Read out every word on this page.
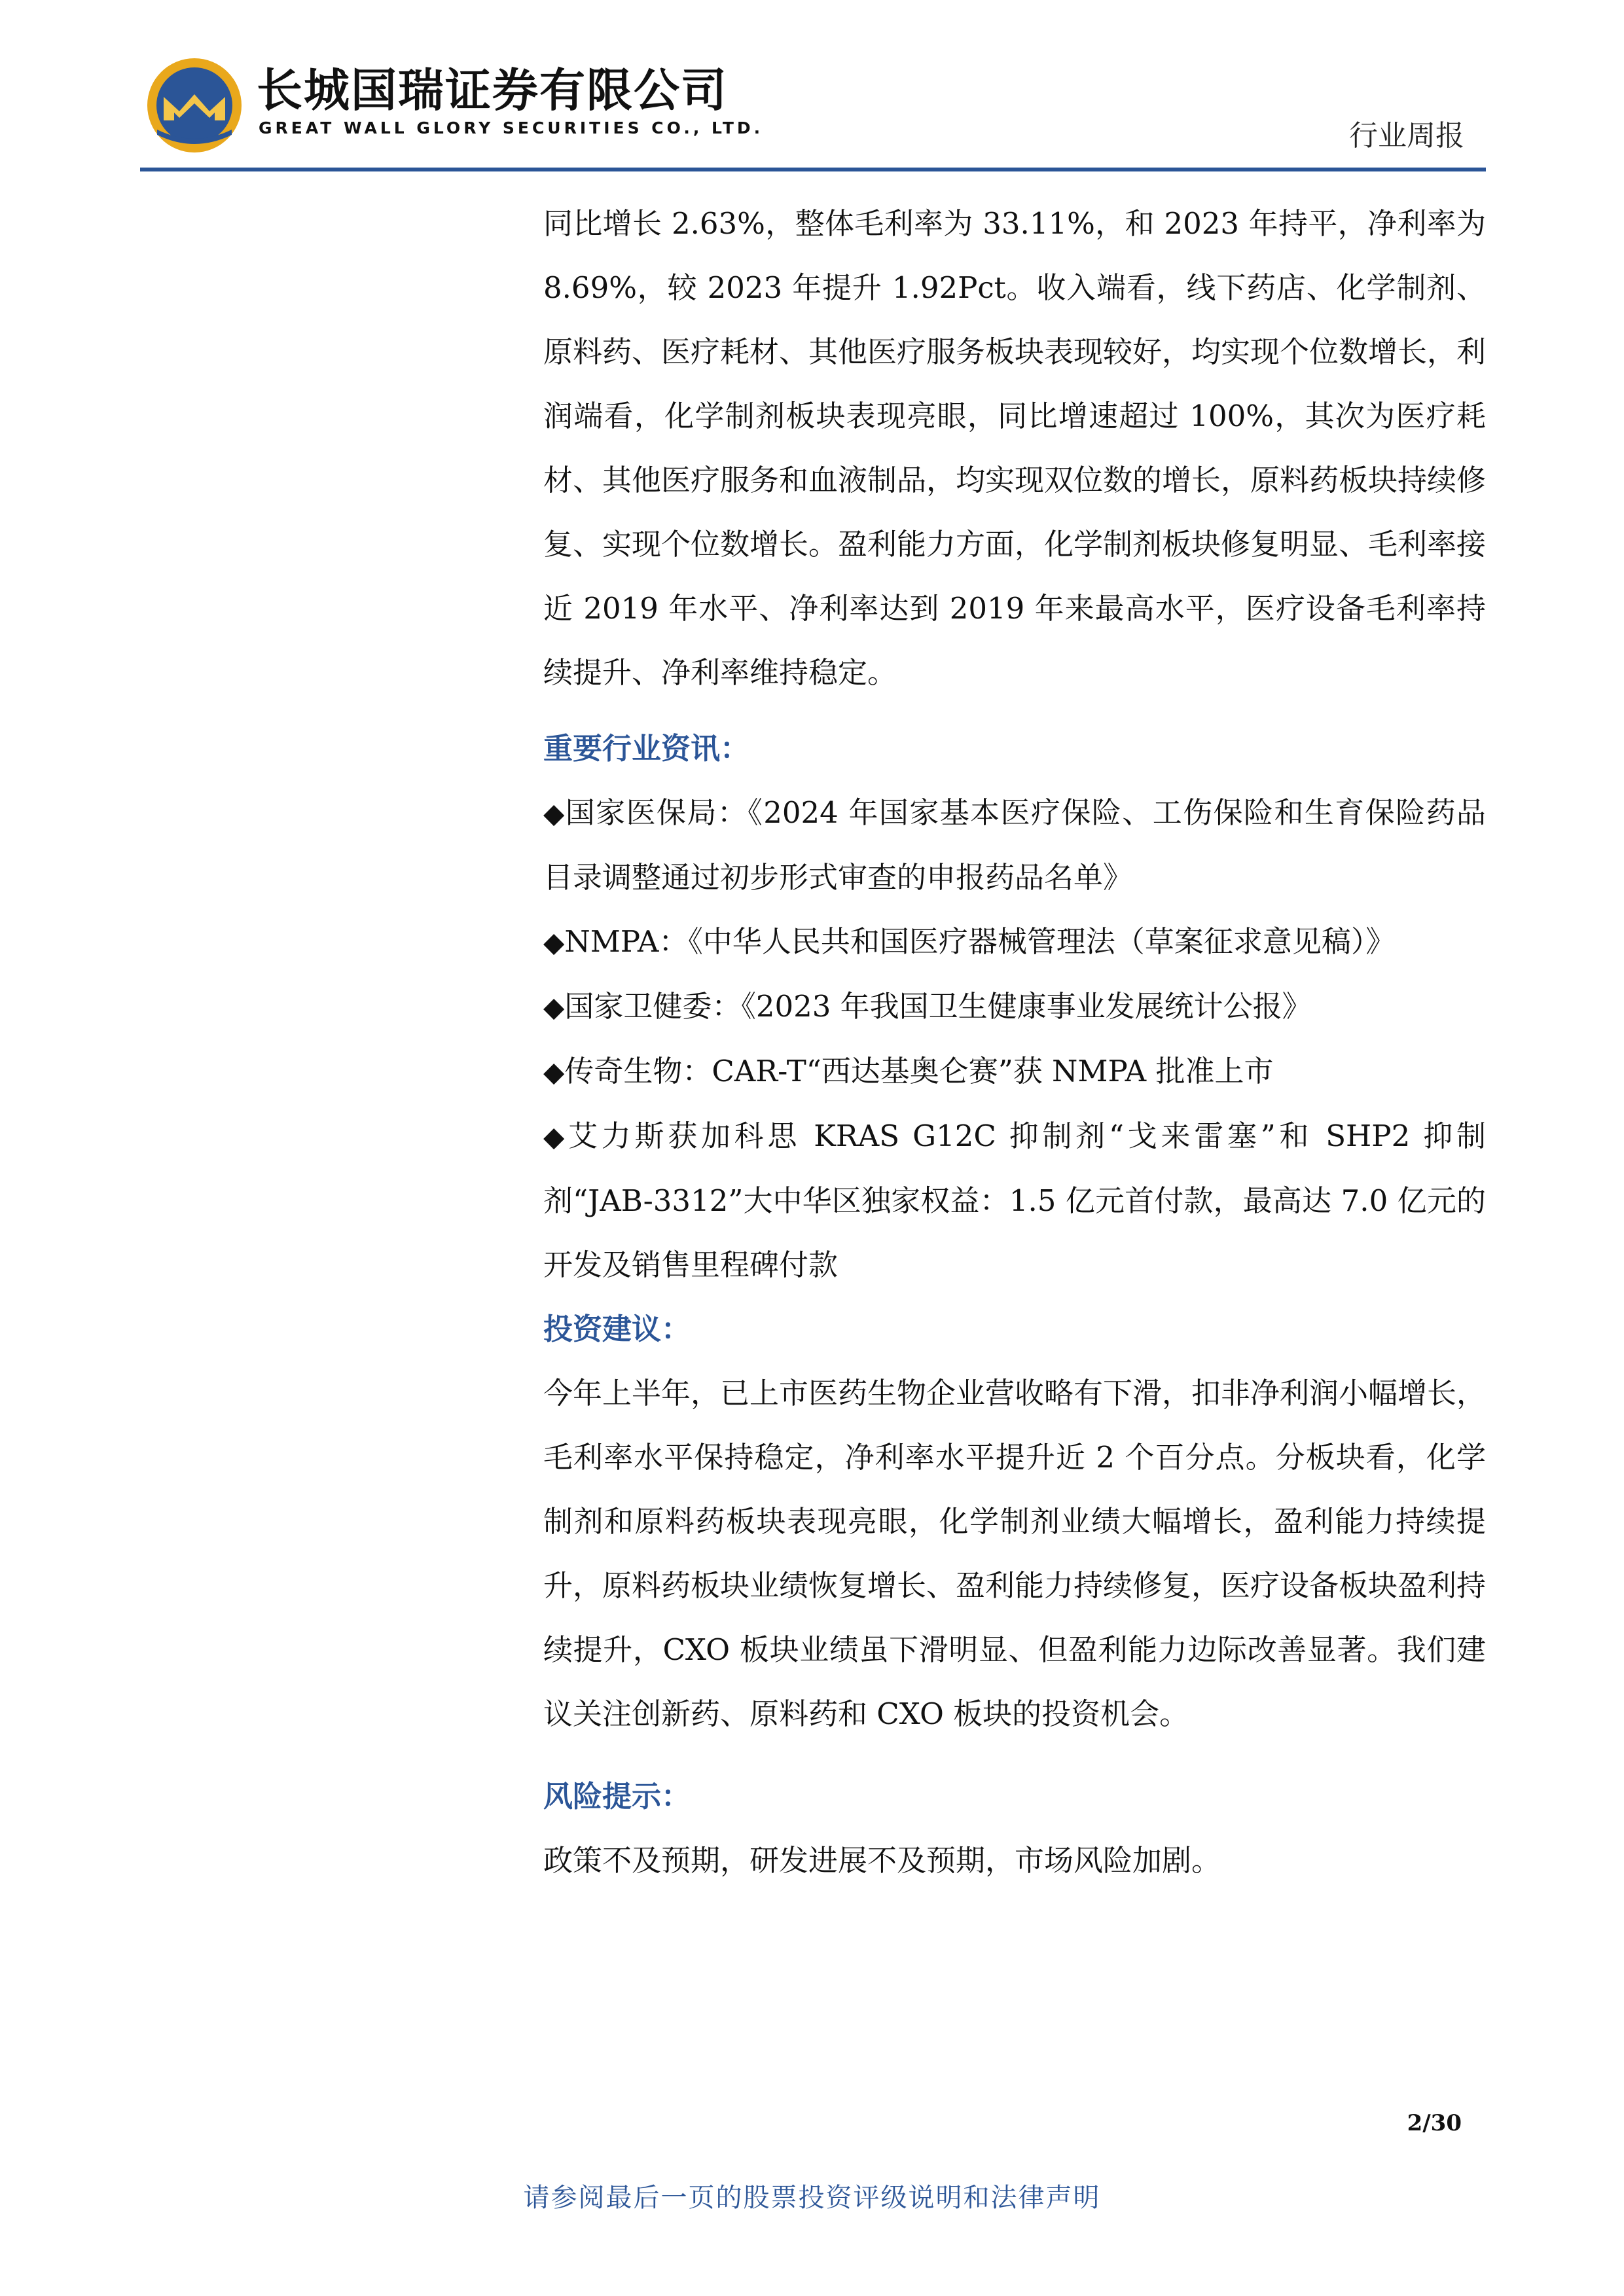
长城国瑞证券有限公司
GREAT WALL GLORY SECURITIES CO., LTD.	行业周报

同比增长 2.63%，整体毛利率为 33.11%，和 2023 年持平，净利率为 8.69%，较 2023 年提升 1.92Pct。收入端看，线下药店、化学制剂、原料药、医疗耗材、其他医疗服务板块表现较好，均实现个位数增长，利润端看，化学制剂板块表现亮眼，同比增速超过 100%，其次为医疗耗材、其他医疗服务和血液制品，均实现双位数的增长，原料药板块持续修复、实现个位数增长。盈利能力方面，化学制剂板块修复明显、毛利率接近 2019 年水平、净利率达到 2019 年来最高水平，医疗设备毛利率持续提升、净利率维持稳定。

重要行业资讯：

◆国家医保局：《2024 年国家基本医疗保险、工伤保险和生育保险药品目录调整通过初步形式审查的申报药品名单》

◆NMPA：《中华人民共和国医疗器械管理法（草案征求意见稿）》

◆国家卫健委：《2023 年我国卫生健康事业发展统计公报》

◆传奇生物：CAR-T“西达基奥仑赛”获 NMPA 批准上市

◆艾力斯获加科思 KRAS G12C 抑制剂“戈来雷塞”和 SHP2 抑制剂“JAB-3312”大中华区独家权益：1.5 亿元首付款，最高达 7.0 亿元的开发及销售里程碑付款

投资建议：

今年上半年，已上市医药生物企业营收略有下滑，扣非净利润小幅增长，毛利率水平保持稳定，净利率水平提升近 2 个百分点。分板块看，化学制剂和原料药板块表现亮眼，化学制剂业绩大幅增长，盈利能力持续提升，原料药板块业绩恢复增长、盈利能力持续修复，医疗设备板块盈利持续提升，CXO 板块业绩虽下滑明显、但盈利能力边际改善显著。我们建议关注创新药、原料药和 CXO 板块的投资机会。

风险提示：

政策不及预期，研发进展不及预期，市场风险加剧。

2/30
请参阅最后一页的股票投资评级说明和法律声明
